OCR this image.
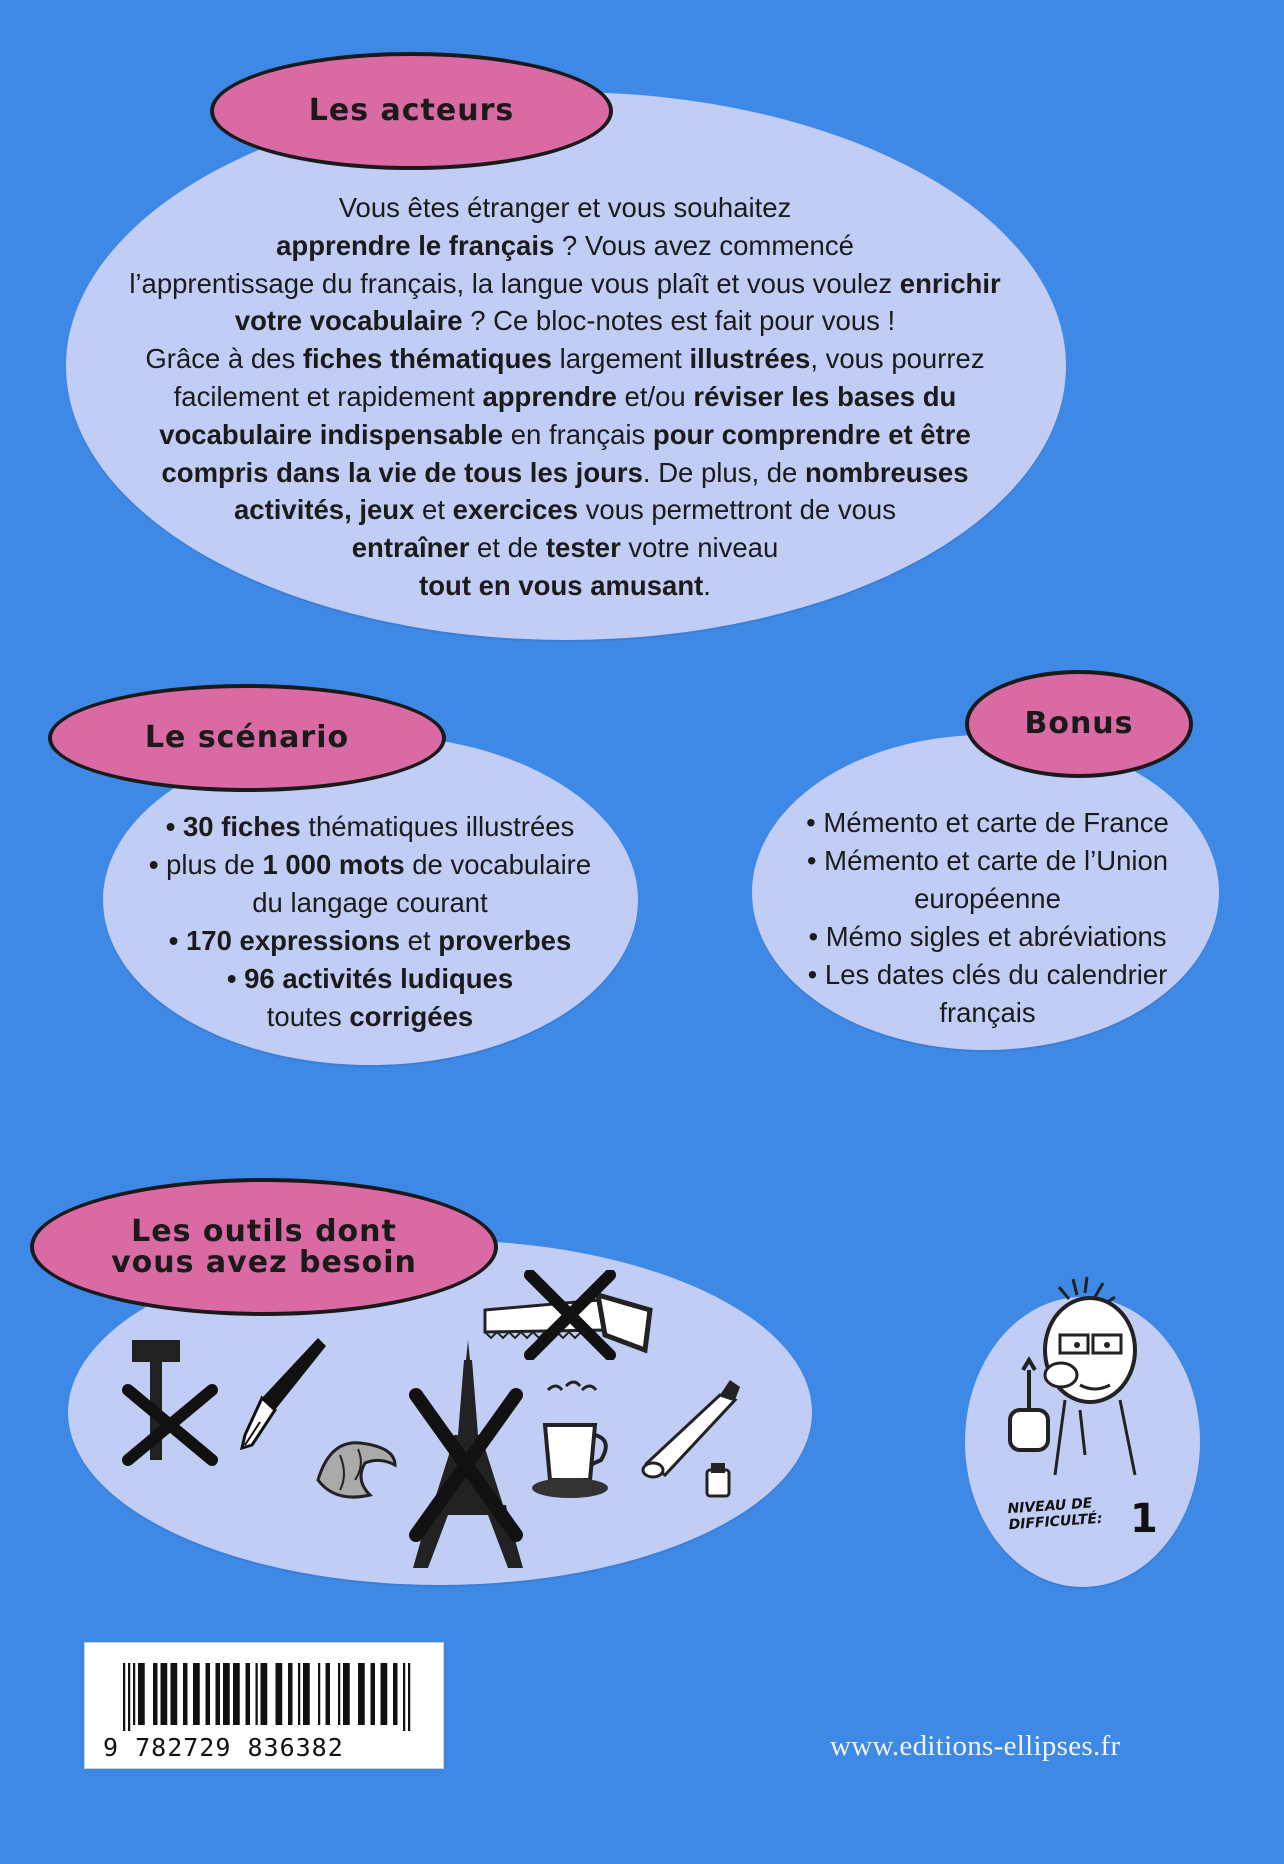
Les acteurs
Vous êtes étranger et vous souhaitez
apprendre le français ? Vous avez commencé
l’apprentissage du français, la langue vous plaît et vous voulez enrichir
votre vocabulaire ? Ce bloc-notes est fait pour vous !
Grâce à des fiches thématiques largement illustrées, vous pourrez
facilement et rapidement apprendre et/ou réviser les bases du
vocabulaire indispensable en français pour comprendre et être
compris dans la vie de tous les jours. De plus, de nombreuses
activités, jeux et exercices vous permettront de vous
entraîner et de tester votre niveau
tout en vous amusant.
Le scénario
• 30 fiches thématiques illustrées
• plus de 1 000 mots de vocabulaire
du langage courant
• 170 expressions et proverbes
• 96 activités ludiques
toutes corrigées
Bonus
• Mémento et carte de France
• Mémento et carte de l’Union
européenne
• Mémo sigles et abréviations
• Les dates clés du calendrier
français
Les outils dont
vous avez besoin
NIVEAU DE
DIFFICULTÉ: 1
9 782729 836382	www.editions-ellipses.fr
